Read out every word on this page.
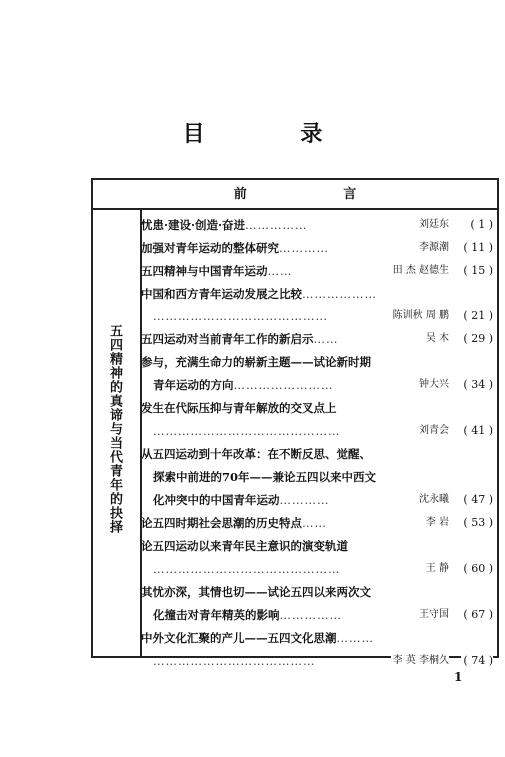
目 录
前 言
五四精神的真谛与当代青年的抉择
忧患·建设·创造·奋进……………	刘廷东 ( 1 )
加强对青年运动的整体研究…………	李源潮 ( 11 )
五四精神与中国青年运动……	田 杰 赵德生 ( 15 )
中国和西方青年运动发展之比较………………
……………………………………	陈训秋 周 鹏 ( 21 )
五四运动对当前青年工作的新启示……	吴 木 ( 29 )
参与，充满生命力的崭新主题——试论新时期
青年运动的方向……………………	钟大兴 ( 34 )
发生在代际压抑与青年解放的交叉点上
………………………………………	刘青会 ( 41 )
从五四运动到十年改革：在不断反思、觉醒、
探索中前进的70年——兼论五四以来中西文
化冲突中的中国青年运动…………	沈永曦 ( 47 )
论五四时期社会思潮的历史特点……	李 岩 ( 53 )
论五四运动以来青年民主意识的演变轨道
………………………………………	王 静 ( 60 )
其忧亦深，其情也切——试论五四以来两次文
化撞击对青年精英的影响……………	王守国 ( 67 )
中外文化汇聚的产儿——五四文化思潮………
…………………………………	李 英 李桐久 ( 74 )
1
